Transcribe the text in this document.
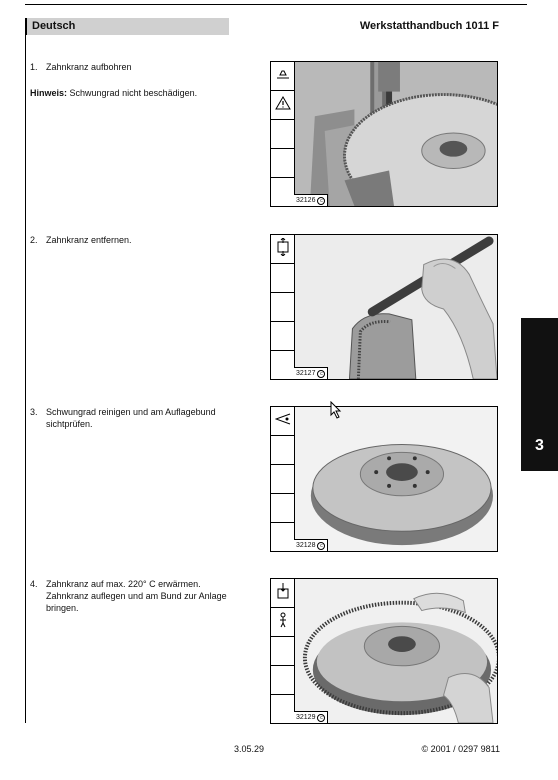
Deutsch	Werkstatthandbuch 1011 F
1. Zahnkranz aufbohren
Hinweis: Schwungrad nicht beschädigen.
32126 c
2. Zahnkranz entfernen.
32127 c
3. Schwungrad reinigen und am Auflagebund sichtprüfen.
32128 c
4. Zahnkranz auf max. 220° C erwärmen.
Zahnkranz auflegen und am Bund zur Anlage bringen.
32129 c
3
3.05.29	© 2001 / 0297 9811
